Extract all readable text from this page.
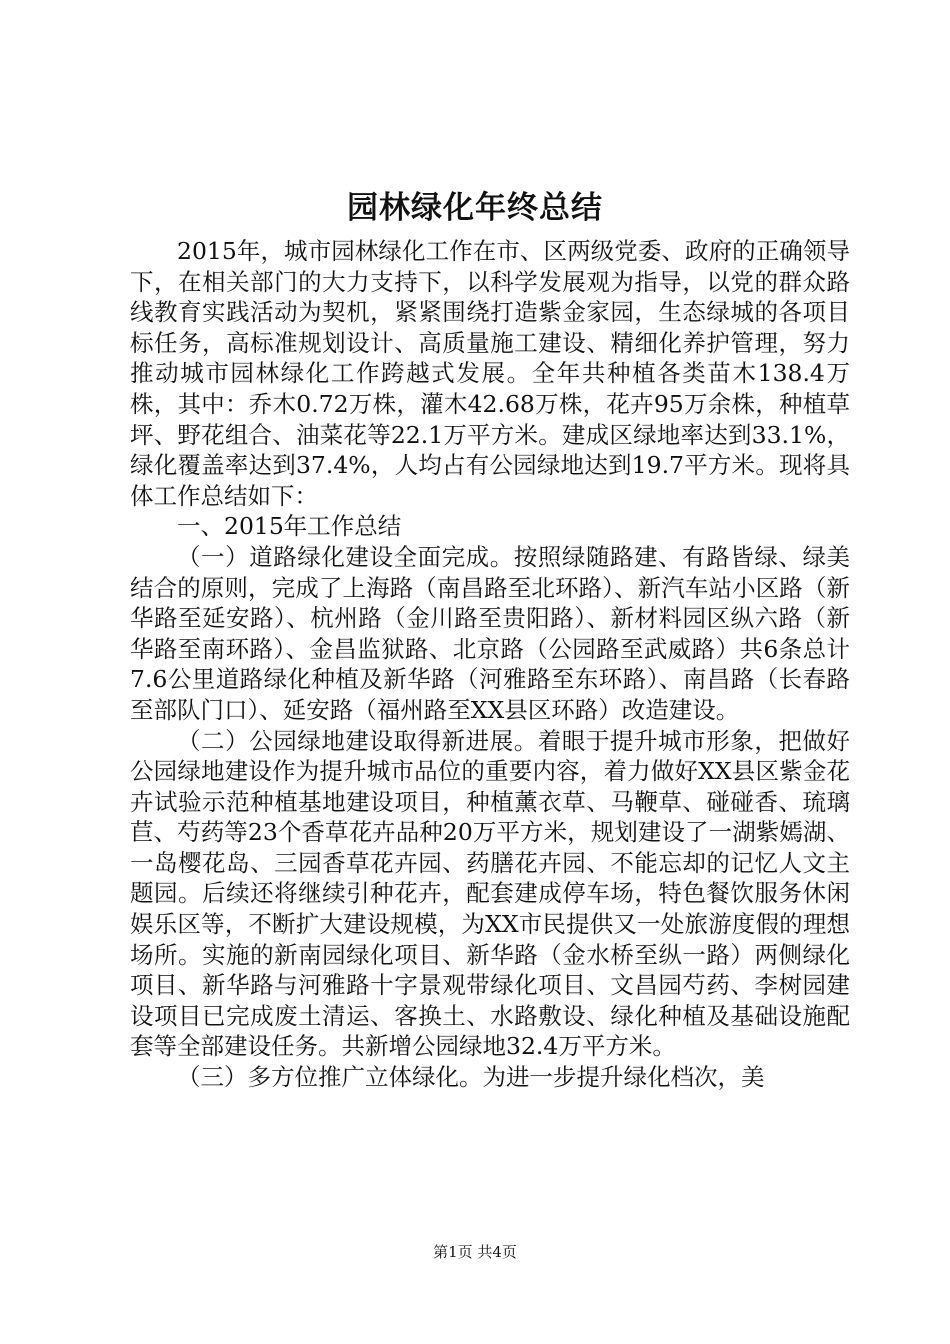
园林绿化年终总结

2015年，城市园林绿化工作在市、区两级党委、政府的正确领导下，在相关部门的大力支持下，以科学发展观为指导，以党的群众路线教育实践活动为契机，紧紧围绕打造紫金家园，生态绿城的各项目标任务，高标准规划设计、高质量施工建设、精细化养护管理，努力推动城市园林绿化工作跨越式发展。全年共种植各类苗木138.4万株，其中：乔木0.72万株，灌木42.68万株，花卉95万余株，种植草坪、野花组合、油菜花等22.1万平方米。建成区绿地率达到33.1%，绿化覆盖率达到37.4%，人均占有公园绿地达到19.7平方米。现将具体工作总结如下：

一、2015年工作总结

（一）道路绿化建设全面完成。按照绿随路建、有路皆绿、绿美结合的原则，完成了上海路（南昌路至北环路）、新汽车站小区路（新华路至延安路）、杭州路（金川路至贵阳路）、新材料园区纵六路（新华路至南环路）、金昌监狱路、北京路（公园路至武威路）共6条总计7.6公里道路绿化种植及新华路（河雅路至东环路）、南昌路（长春路至部队门口）、延安路（福州路至XX县区环路）改造建设。

（二）公园绿地建设取得新进展。着眼于提升城市形象，把做好公园绿地建设作为提升城市品位的重要内容，着力做好XX县区紫金花卉试验示范种植基地建设项目，种植薰衣草、马鞭草、碰碰香、琉璃苣、芍药等23个香草花卉品种20万平方米，规划建设了一湖紫嫣湖、一岛樱花岛、三园香草花卉园、药膳花卉园、不能忘却的记忆人文主题园。后续还将继续引种花卉，配套建成停车场，特色餐饮服务休闲娱乐区等，不断扩大建设规模，为XX市民提供又一处旅游度假的理想场所。实施的新南园绿化项目、新华路（金水桥至纵一路）两侧绿化项目、新华路与河雅路十字景观带绿化项目、文昌园芍药、李树园建设项目已完成废土清运、客换土、水路敷设、绿化种植及基础设施配套等全部建设任务。共新增公园绿地32.4万平方米。

（三）多方位推广立体绿化。为进一步提升绿化档次，美

第1页 共4页
